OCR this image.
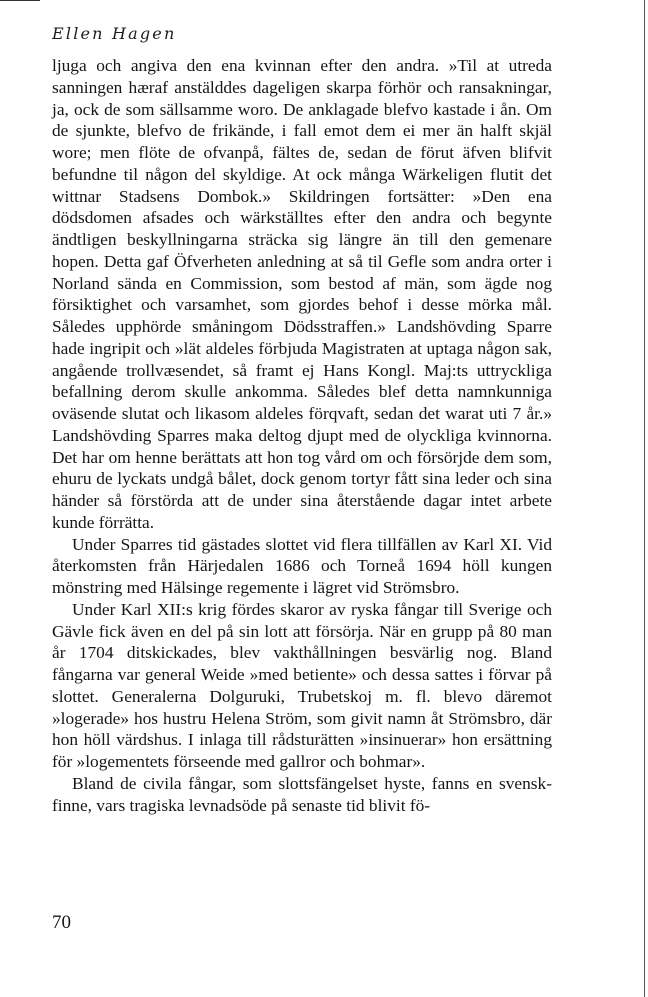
Ellen Hagen

ljuga och angiva den ena kvinnan efter den andra. »Til at utreda sanningen hæraf anstälddes dageligen skarpa förhör och ransakningar, ja, ock de som sällsamme woro. De anklagade blefvo kastade i ån. Om de sjunkte, blefvo de frikände, i fall emot dem ei mer än halft skjäl wore; men flöte de ofvanpå, fältes de, sedan de förut äfven blifvit befundne til någon del skyldige. At ock många Wärkeligen flutit det wittnar Stadsens Dombok.» Skildringen fortsätter: »Den ena dödsdomen afsades och wärkställtes efter den andra och begynte ändtligen beskyllningarna sträcka sig längre än till den gemenare hopen. Detta gaf Öfverheten anledning at så til Gefle som andra orter i Norland sända en Commission, som bestod af män, som ägde nog försiktighet och varsamhet, som gjordes behof i desse mörka mål. Således upphörde småningom Dödsstraffen.» Landshövding Sparre hade ingripit och »lät aldeles förbjuda Magistraten at uptaga någon sak, angående trollvæsendet, så framt ej Hans Kongl. Maj:ts uttryckliga befallning derom skulle ankomma. Således blef detta namnkunniga oväsende slutat och likasom aldeles förqvaft, sedan det warat uti 7 år.» Landshövding Sparres maka deltog djupt med de olyckliga kvinnorna. Det har om henne berättats att hon tog vård om och försörjde dem som, ehuru de lyckats undgå bålet, dock genom tortyr fått sina leder och sina händer så förstörda att de under sina återstående dagar intet arbete kunde förrätta.

Under Sparres tid gästades slottet vid flera tillfällen av Karl XI. Vid återkomsten från Härjedalen 1686 och Torneå 1694 höll kungen mönstring med Hälsinge regemente i lägret vid Strömsbro.

Under Karl XII:s krig fördes skaror av ryska fångar till Sverige och Gävle fick även en del på sin lott att försörja. När en grupp på 80 man år 1704 ditskickades, blev vakthållningen besvärlig nog. Bland fångarna var general Weide »med betiente» och dessa sattes i förvar på slottet. Generalerna Dolguruki, Trubetskoj m. fl. blevo däremot »logerade» hos hustru Helena Ström, som givit namn åt Strömsbro, där hon höll värdshus. I inlaga till rådsturätten »insinuerar» hon ersättning för »logementets förseende med gallror och bohmar».

Bland de civila fångar, som slottsfängelset hyste, fanns en svensk-finne, vars tragiska levnadsöde på senaste tid blivit fö-

70
